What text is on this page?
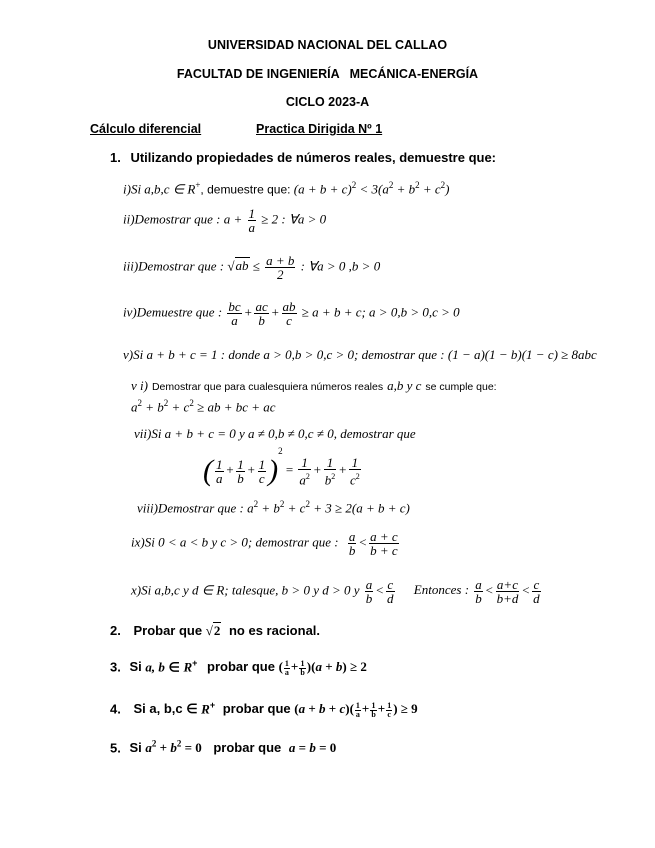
UNIVERSIDAD NACIONAL DEL CALLAO
FACULTAD DE INGENIERÍA   MECÁNICA-ENERGÍA
CICLO 2023-A
Cálculo diferencial	Practica Dirigida Nº 1
1. Utilizando propiedades de números reales, demuestre que:
i)Si a,b,c ∈ R+, demuestre que: $(a + b + c)^2 < 3(a^2 + b^2 + c^2)$
ii)Demostrar que : $a + \frac{1}{a} \ge 2$ : ∀a > 0
iii)Demostrar que : $√ab \le \frac{a + b}{2}$ : ∀a > 0 ,b > 0
iv)Demuestre que : $\frac{bc}{a} + \frac{ac}{b} + \frac{ab}{c} \ge a + b + c$; a > 0,b > 0,c > 0
v)Si a + b + c = 1 : donde a > 0,b > 0,c > 0; demostrar que : (1 − a)(1 − b)(1 − c) ≥ 8abc
v i) Demostrar que para cualesquiera números reales a,b y c se cumple que:
$a^2 + b^2 + c^2$ ≥ ab + bc + ac
vii)Si a + b + c = 0 y a ≠ 0,b ≠ 0,c ≠ 0, demostrar que
( $\frac{1}{a} + \frac{1}{b} + \frac{1}{c} )^2 = \frac{1}{a^2} + \frac{1}{b^2} + \frac{1}{c^2}$
viii)Demostrar que : $a^2 + b^2 + c^2 + 3 \ge 2(a + b + c)$
ix)Si 0 < a < b y c > 0; demostrar que : $\frac{a}{b} < \frac{a + c}{b + c}$
x)Si a,b,c y d ∈ R; talesque, b > 0 y d > 0 y $\frac{a}{b} < \frac{c}{d}$ Entonces : $\frac{a}{b} < \frac{a+c}{b+d} < \frac{c}{d}$
2. Probar que √2 no es racional.
3. Si a, b ∈ R+ probar que ( $\frac{1}{a} + \frac{1}{b} )(a + b) \ge 2$
4. Si a, b,c ∈ R+ probar que $(a + b + c)( \frac{1}{a} + \frac{1}{b} + \frac{1}{c}$ ) ≥ 9
5. Si $a^2 + b^2 = 0$ probar que a = b = 0
